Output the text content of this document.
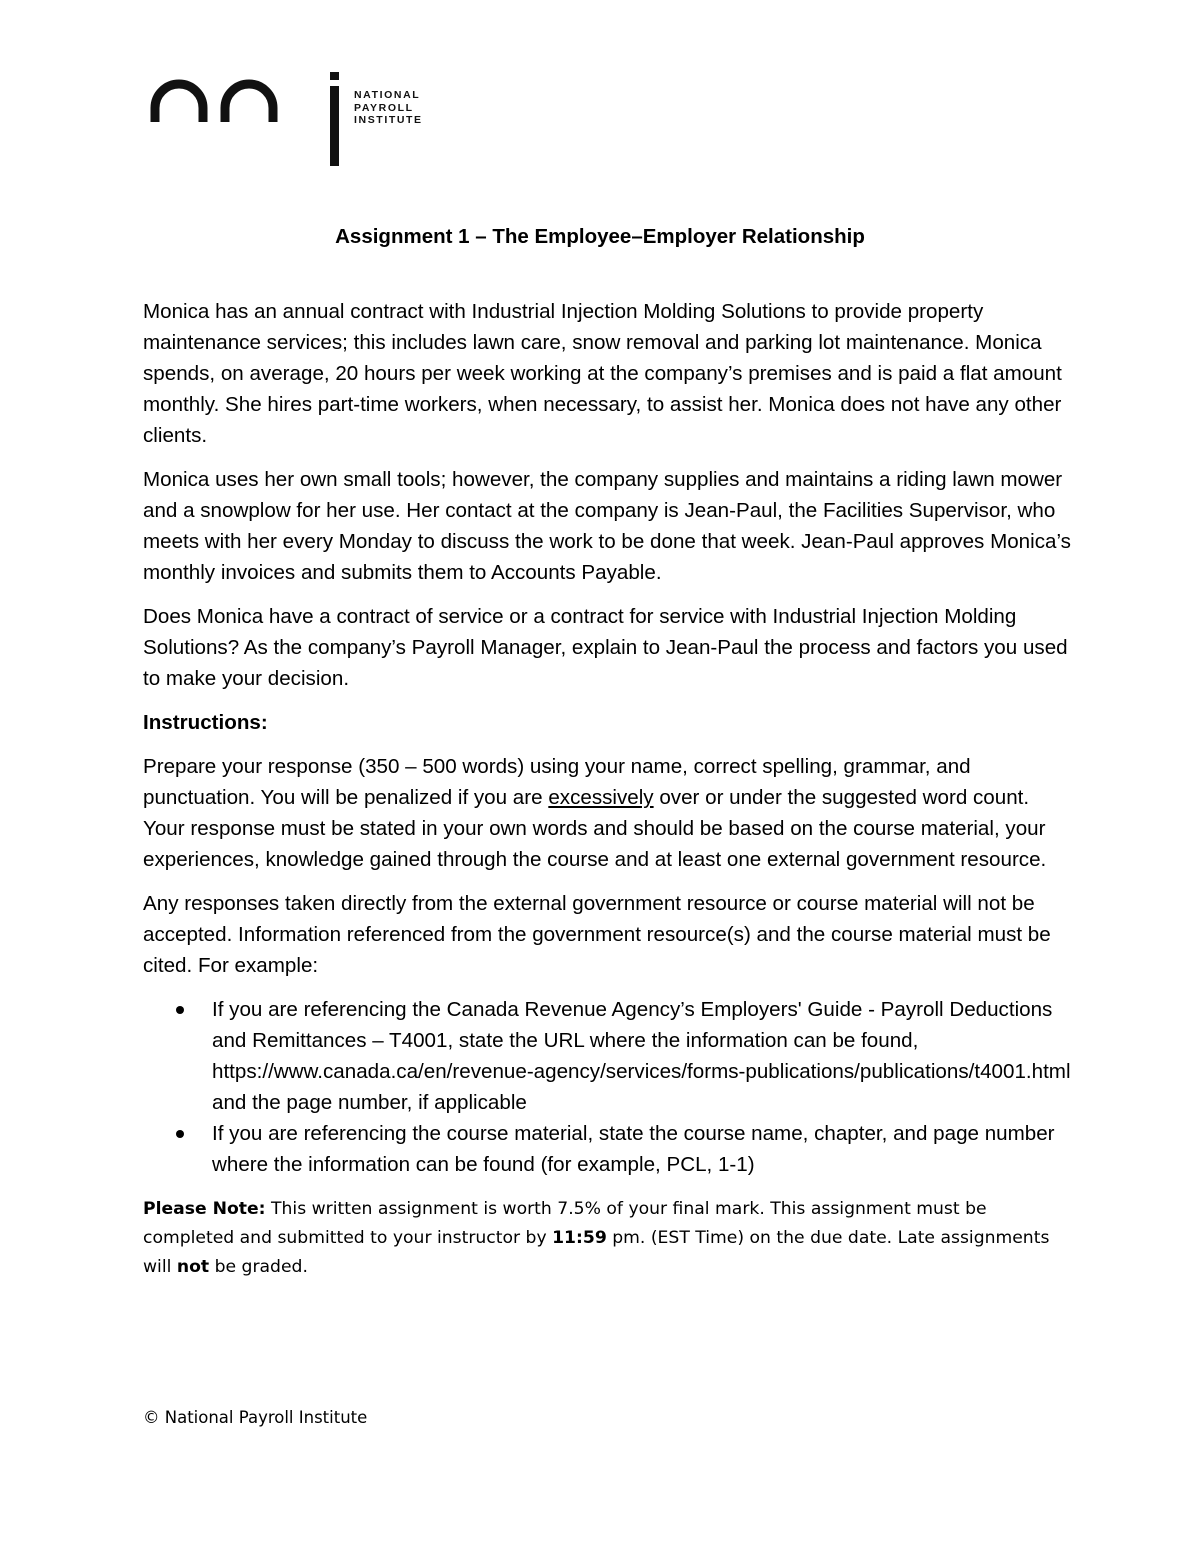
NATIONAL
PAYROLL
INSTITUTE
Assignment 1 – The Employee–Employer Relationship

Monica has an annual contract with Industrial Injection Molding Solutions to provide property maintenance services; this includes lawn care, snow removal and parking lot maintenance. Monica spends, on average, 20 hours per week working at the company’s premises and is paid a flat amount monthly. She hires part-time workers, when necessary, to assist her. Monica does not have any other clients.

Monica uses her own small tools; however, the company supplies and maintains a riding lawn mower and a snowplow for her use. Her contact at the company is Jean-Paul, the Facilities Supervisor, who meets with her every Monday to discuss the work to be done that week. Jean-Paul approves Monica’s monthly invoices and submits them to Accounts Payable.

Does Monica have a contract of service or a contract for service with Industrial Injection Molding Solutions? As the company’s Payroll Manager, explain to Jean-Paul the process and factors you used to make your decision.

Instructions:

Prepare your response (350 – 500 words) using your name, correct spelling, grammar, and punctuation. You will be penalized if you are excessively over or under the suggested word count. Your response must be stated in your own words and should be based on the course material, your experiences, knowledge gained through the course and at least one external government resource.

Any responses taken directly from the external government resource or course material will not be accepted. Information referenced from the government resource(s) and the course material must be cited. For example:

If you are referencing the Canada Revenue Agency’s Employers' Guide - Payroll Deductions and Remittances – T4001, state the URL where the information can be found, https://www.canada.ca/en/revenue-agency/services/forms-publications/publications/t4001.html and the page number, if applicable
If you are referencing the course material, state the course name, chapter, and page number where the information can be found (for example, PCL, 1-1)
Please Note: This written assignment is worth 7.5% of your final mark. This assignment must be completed and submitted to your instructor by 11:59 pm. (EST Time) on the due date. Late assignments will not be graded.
© National Payroll Institute
